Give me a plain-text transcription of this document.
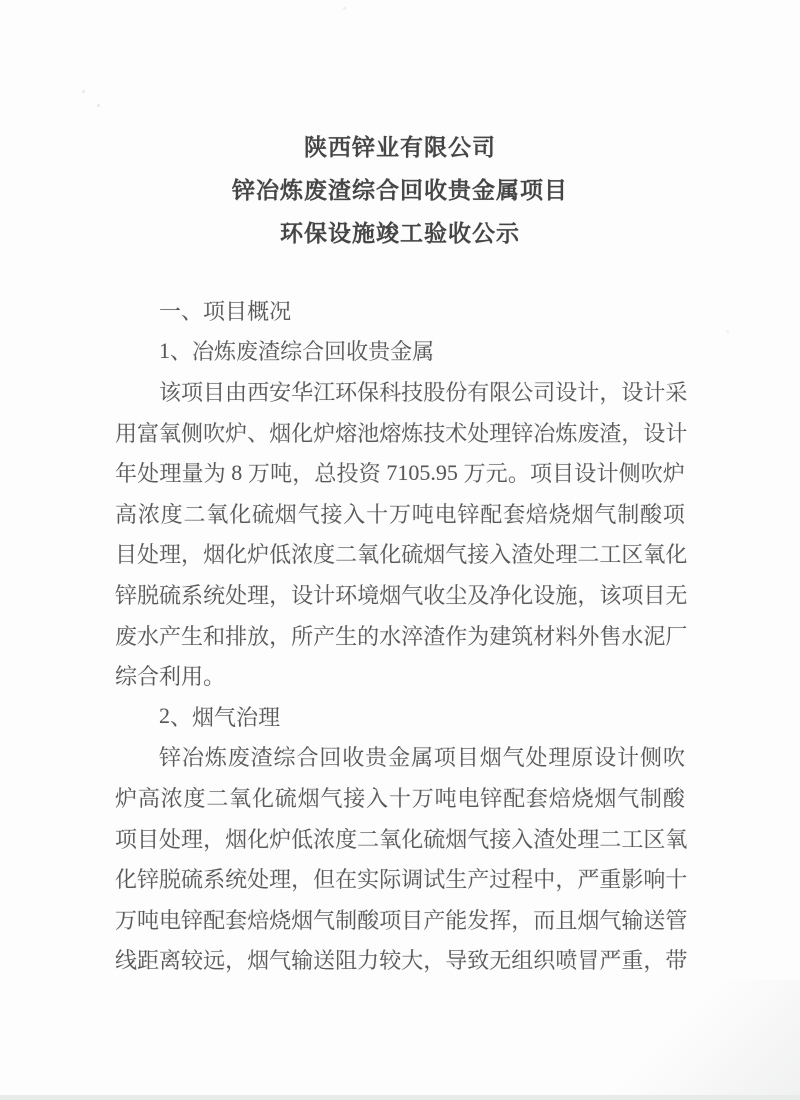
陕西锌业有限公司
锌冶炼废渣综合回收贵金属项目
环保设施竣工验收公示
一 、 项 目 概 况
1 、 冶 炼 废 渣 综 合 回 收 贵 金 属
该 项 目 由 西 安 华 江 环 保 科 技 股 份 有 限 公 司 设 计 ， 设 计 采
用 富 氧 侧 吹 炉 、 烟 化 炉 熔 池 熔 炼 技 术 处 理 锌 冶 炼 废 渣 ， 设 计
年 处 理 量 为 8 万 吨 ， 总 投 资 7105.95 万 元 。 项 目 设 计 侧 吹 炉
高 浓 度 二 氧 化 硫 烟 气 接 入 十 万 吨 电 锌 配 套 焙 烧 烟 气 制 酸 项
目 处 理 ， 烟 化 炉 低 浓 度 二 氧 化 硫 烟 气 接 入 渣 处 理 二 工 区 氧 化
锌 脱 硫 系 统 处 理 ， 设 计 环 境 烟 气 收 尘 及 净 化 设 施 ， 该 项 目 无
废 水 产 生 和 排 放 ， 所 产 生 的 水 淬 渣 作 为 建 筑 材 料 外 售 水 泥 厂
综 合 利 用 。
2 、 烟 气 治 理
锌 冶 炼 废 渣 综 合 回 收 贵 金 属 项 目 烟 气 处 理 原 设 计 侧 吹
炉 高 浓 度 二 氧 化 硫 烟 气 接 入 十 万 吨 电 锌 配 套 焙 烧 烟 气 制 酸
项 目 处 理 ， 烟 化 炉 低 浓 度 二 氧 化 硫 烟 气 接 入 渣 处 理 二 工 区 氧
化 锌 脱 硫 系 统 处 理 ， 但 在 实 际 调 试 生 产 过 程 中 ， 严 重 影 响 十
万 吨 电 锌 配 套 焙 烧 烟 气 制 酸 项 目 产 能 发 挥 ， 而 且 烟 气 输 送 管
线 距 离 较 远 ， 烟 气 输 送 阻 力 较 大 ， 导 致 无 组 织 喷 冒 严 重 ， 带
